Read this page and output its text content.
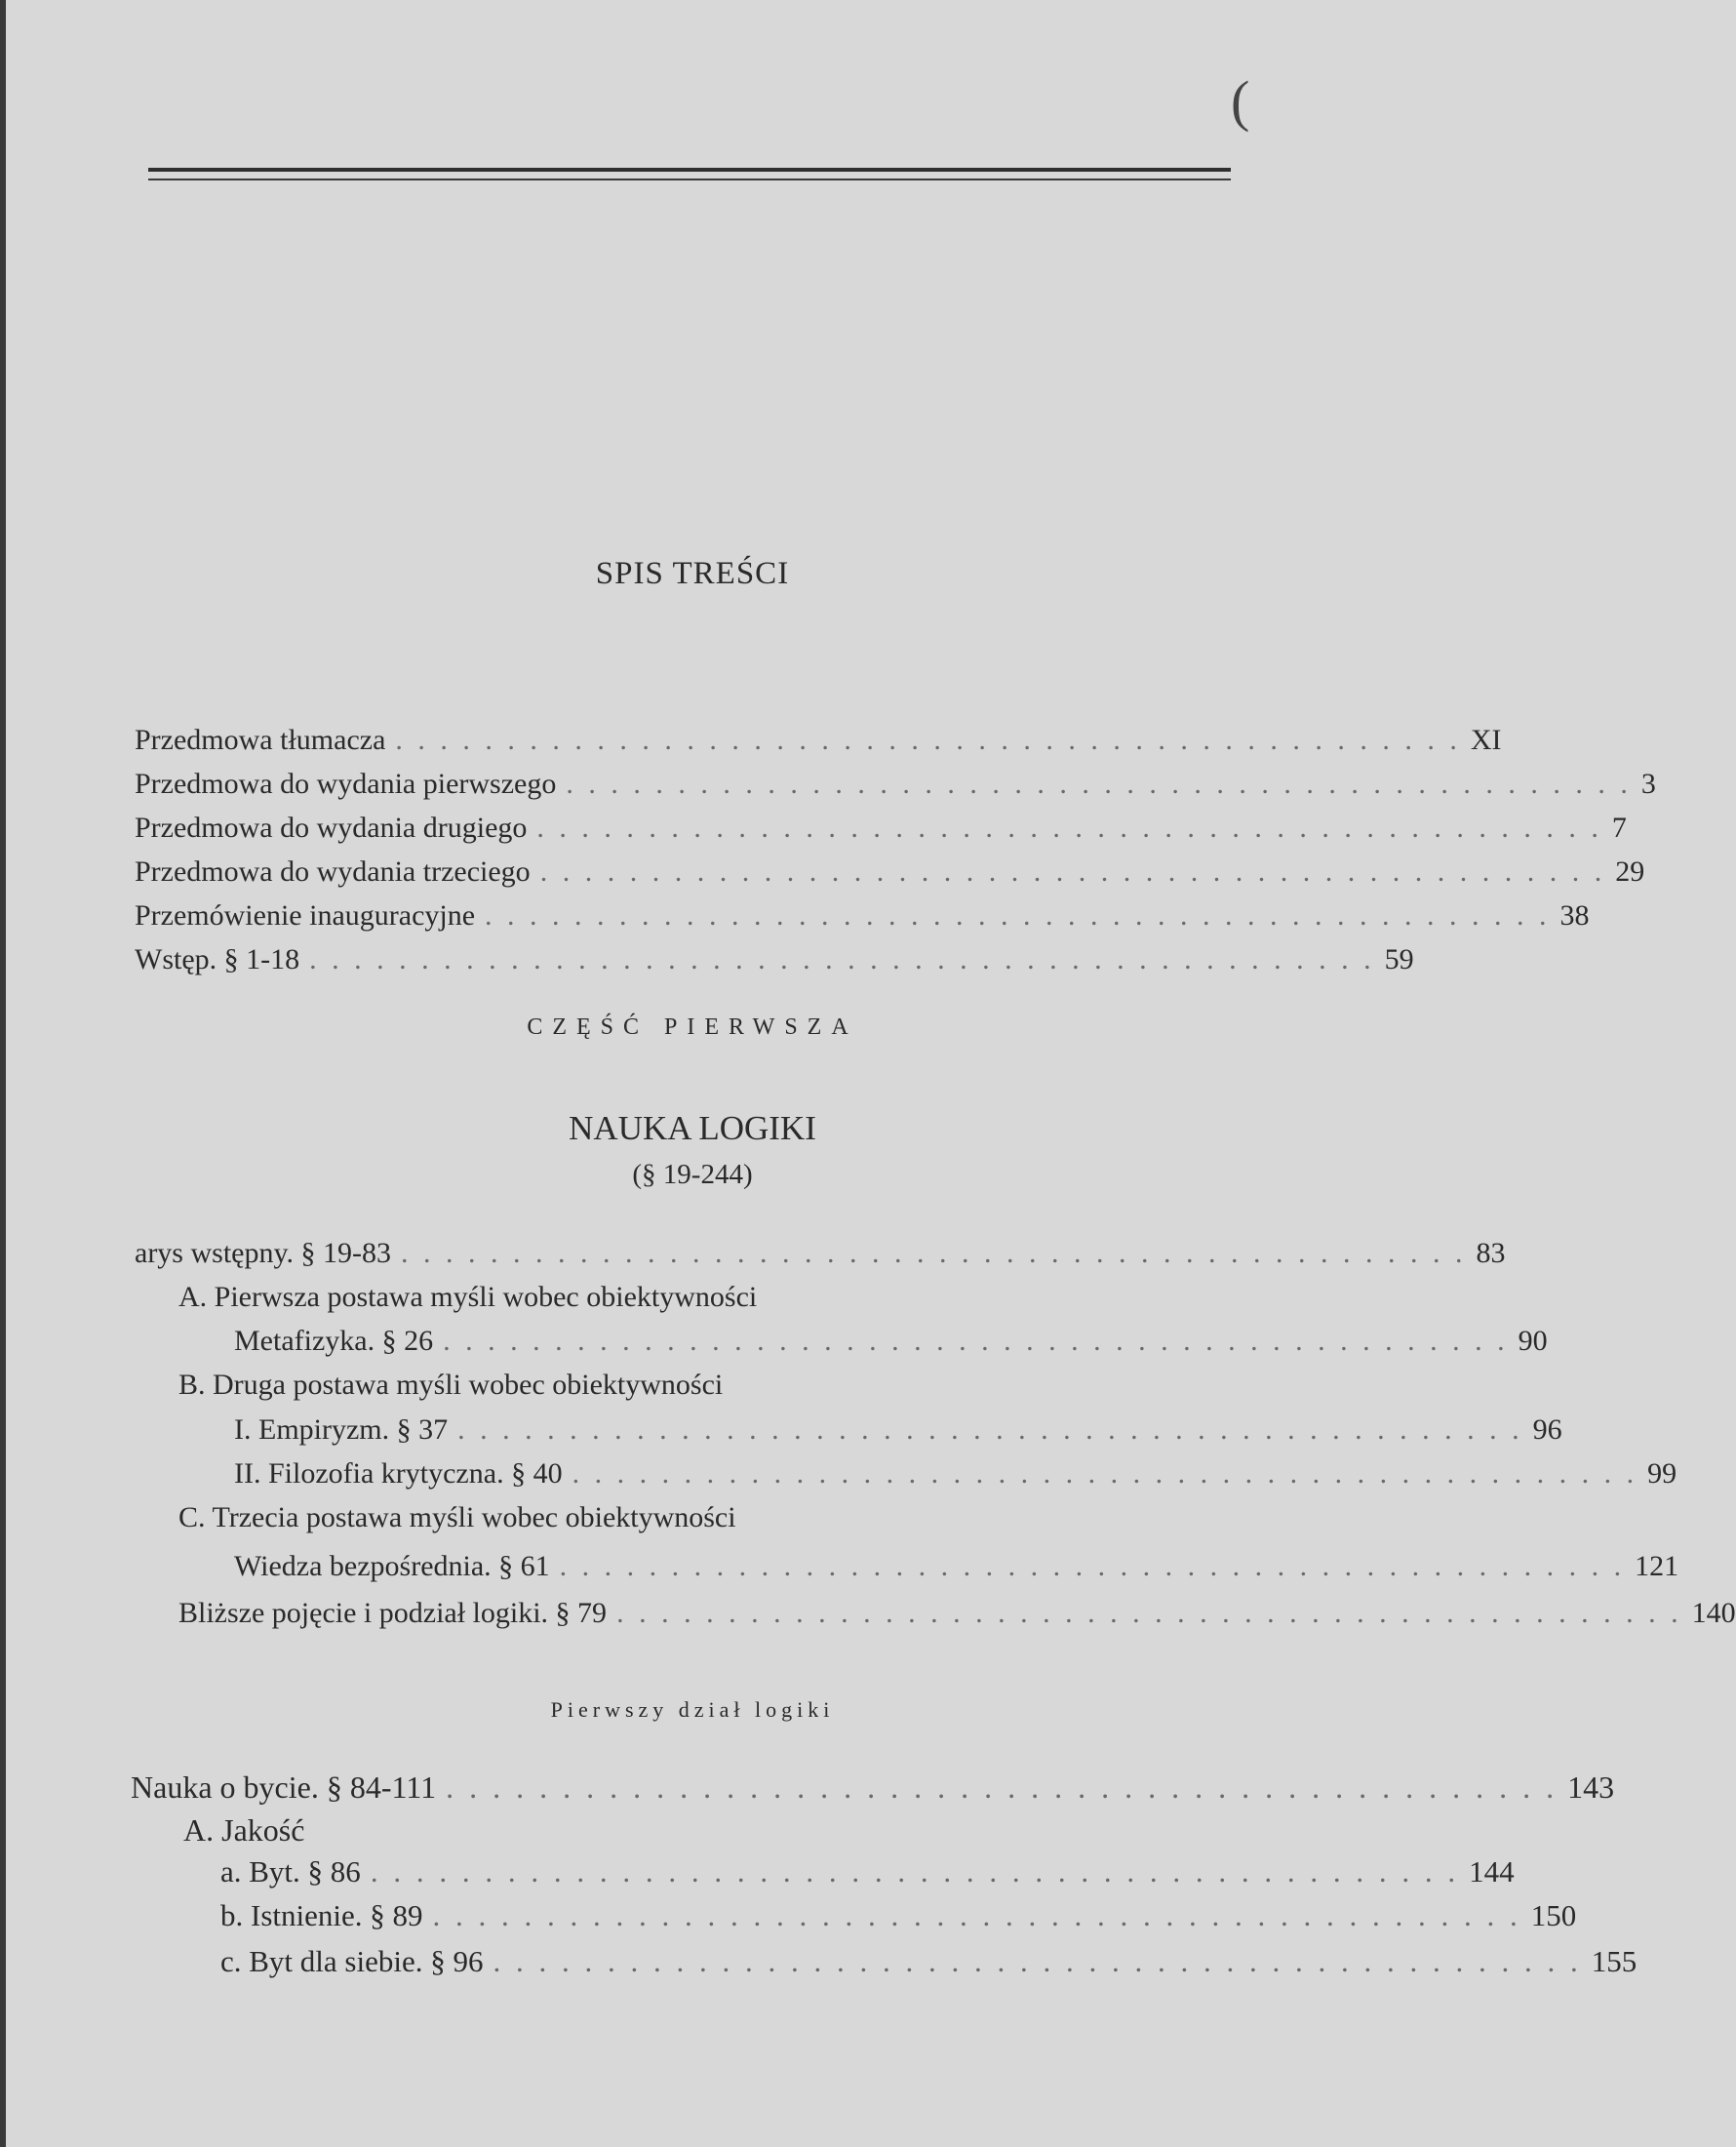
(
SPIS TREŚCI
Przedmowa tłumacza . . . . . . . . . . . . . . . . . . . . . . . . . . . . . . . . . . . . . . . . . . . . . . . . XI
Przedmowa do wydania pierwszego . . . . . . . . . . . . . . . . . . . . . . . . . . . . . . . . . . . . . . . . . . . . . . . . 3
Przedmowa do wydania drugiego . . . . . . . . . . . . . . . . . . . . . . . . . . . . . . . . . . . . . . . . . . . . . . . . 7
Przedmowa do wydania trzeciego . . . . . . . . . . . . . . . . . . . . . . . . . . . . . . . . . . . . . . . . . . . . . . . . 29
Przemówienie inauguracyjne . . . . . . . . . . . . . . . . . . . . . . . . . . . . . . . . . . . . . . . . . . . . . . . . 38
Wstęp. § 1-18 . . . . . . . . . . . . . . . . . . . . . . . . . . . . . . . . . . . . . . . . . . . . . . . . 59
CZĘŚĆ PIERWSZA
NAUKA LOGIKI
(§ 19-244)
arys wstępny. § 19-83 . . . . . . . . . . . . . . . . . . . . . . . . . . . . . . . . . . . . . . . . . . . . . . . . 83
A. Pierwsza postawa myśli wobec obiektywności
Metafizyka. § 26 . . . . . . . . . . . . . . . . . . . . . . . . . . . . . . . . . . . . . . . . . . . . . . . . 90
B. Druga postawa myśli wobec obiektywności
I. Empiryzm. § 37 . . . . . . . . . . . . . . . . . . . . . . . . . . . . . . . . . . . . . . . . . . . . . . . . 96
II. Filozofia krytyczna. § 40 . . . . . . . . . . . . . . . . . . . . . . . . . . . . . . . . . . . . . . . . . . . . . . . . 99
C. Trzecia postawa myśli wobec obiektywności
Wiedza bezpośrednia. § 61 . . . . . . . . . . . . . . . . . . . . . . . . . . . . . . . . . . . . . . . . . . . . . . . . 121
Bliższe pojęcie i podział logiki. § 79 . . . . . . . . . . . . . . . . . . . . . . . . . . . . . . . . . . . . . . . . . . . . . . . . 140
Pierwszy dział logiki
Nauka o bycie. § 84-111 . . . . . . . . . . . . . . . . . . . . . . . . . . . . . . . . . . . . . . . . . . . . . . . . 143
A. Jakość
a. Byt. § 86 . . . . . . . . . . . . . . . . . . . . . . . . . . . . . . . . . . . . . . . . . . . . . . . . 144
b. Istnienie. § 89 . . . . . . . . . . . . . . . . . . . . . . . . . . . . . . . . . . . . . . . . . . . . . . . . 150
c. Byt dla siebie. § 96 . . . . . . . . . . . . . . . . . . . . . . . . . . . . . . . . . . . . . . . . . . . . . . . . 155
